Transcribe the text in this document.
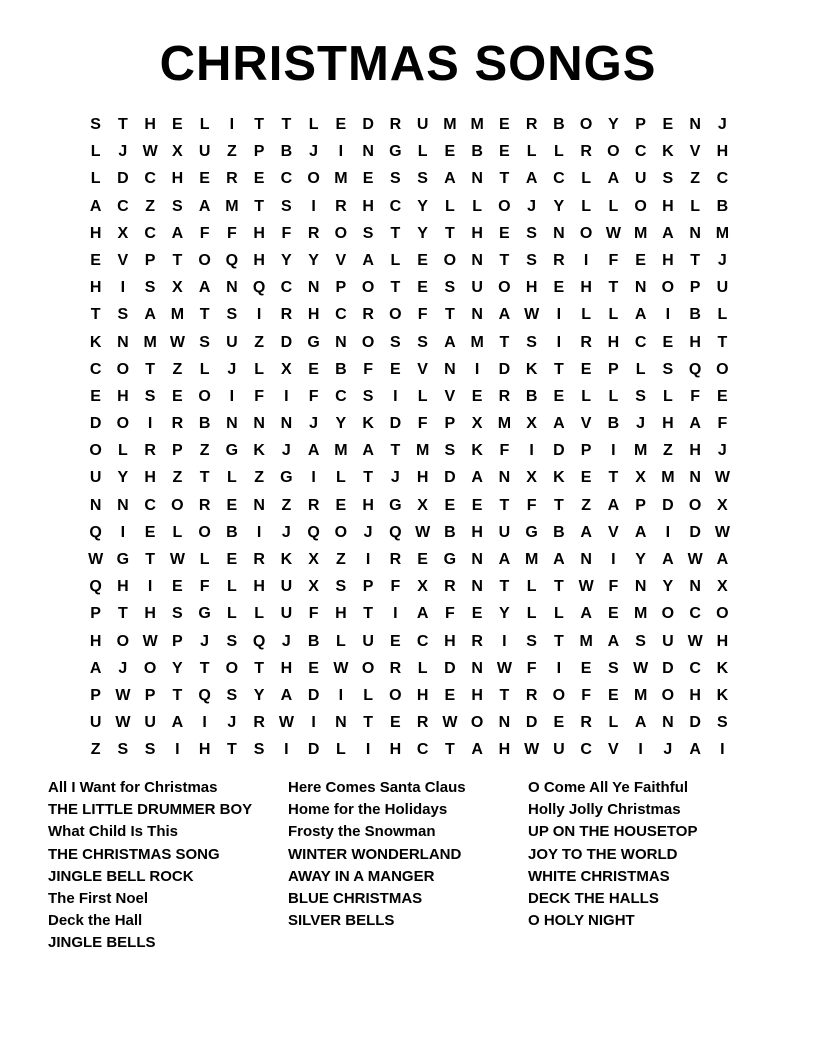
CHRISTMAS SONGS
S	T	H	E	L	I	T	T	L	E	D R U M M E	R B O Y	P	E	N	J
L	J W X	U	Z	P	B	J	I	N G	L	E	B	E	L	L	R O C K	V	H
L	D C H	E	R	E	C O M E	S	S	A N	T	A C	L	A U	S	Z	C
A C	Z	S	A M T	S	I	R H C	Y	L	L	O	J	Y	L	L	O H	L	B
H	X	C A	F	F	H	F	R O S	T	Y	T	H	E	S	N O W M A N M
E	V	P	T	O Q H	Y	Y	V	A	L	E O N	T	S	R	I	F	E	H	T	J
H	I	S	X	A N Q C N	P O	T	E	S	U O H	E	H	T	N O P	U
T	S	A M T	S	I	R H C R O	F	T	N A W	I	L	L	A	I	B	L
K N M W S	U	Z	D G N O S	S	A M T	S	I	R H C	E	H	T
C O	T	Z	L	J	L	X	E	B	F	E	V	N	I	D K	T	E	P	L	S Q O
E	H	S	E O	I	F	I	F	C	S	I	L	V	E	R B	E	L	L	S	L	F	E
D O	I	R B N N N	J	Y	K D	F	P	X M X	A	V	B	J	H A	F
O	L	R	P	Z	G K	J	A M A	T M S	K	F	I	D	P	I	M Z	H	J
U	Y	H	Z	T	L	Z	G	I	L	T	J	H D A N	X	K	E	T	X M N W
N N C O R	E	N	Z	R	E	H G X	E	E	T	F	T	Z	A	P	D O X
Q	I	E	L	O B	I	J	Q O	J	Q W B H U G B A	V	A	I	D W
W G	T W L	E	R K	X	Z	I	R	E G N A M A N	I	Y	A W A
Q H	I	E	F	L	H U	X	S	P	F	X	R N	T	L	T W F	N	Y	N	X
P	T	H	S G	L	L	U	F	H	T	I	A	F	E	Y	L	L	A	E M O C O
H O W P	J	S Q	J	B	L	U	E	C H R	I	S	T M A	S	U W H
A	J	O Y	T	O	T	H	E W O R	L	D N W F	I	E	S W D C K
P W P	T	Q S	Y	A D	I	L	O H	E	H	T	R O	F	E M O H K
U W U A	I	J	R W	I	N	T	E	R W O N D	E	R	L	A N D	S
Z	S	S	I	H	T	S	I	D	L	I	H C	T	A H W U C	V	I	J	A	I
All I Want for Christmas
THE LITTLE DRUMMER BOY
What Child Is This
THE CHRISTMAS SONG
JINGLE BELL ROCK
The First Noel
Deck the Hall
JINGLE BELLS
Here Comes Santa Claus
Home for the Holidays
Frosty the Snowman
WINTER WONDERLAND
AWAY IN A MANGER
BLUE CHRISTMAS
SILVER BELLS
O Come All Ye Faithful
Holly Jolly Christmas
UP ON THE HOUSETOP
JOY TO THE WORLD
WHITE CHRISTMAS
DECK THE HALLS
O HOLY NIGHT
